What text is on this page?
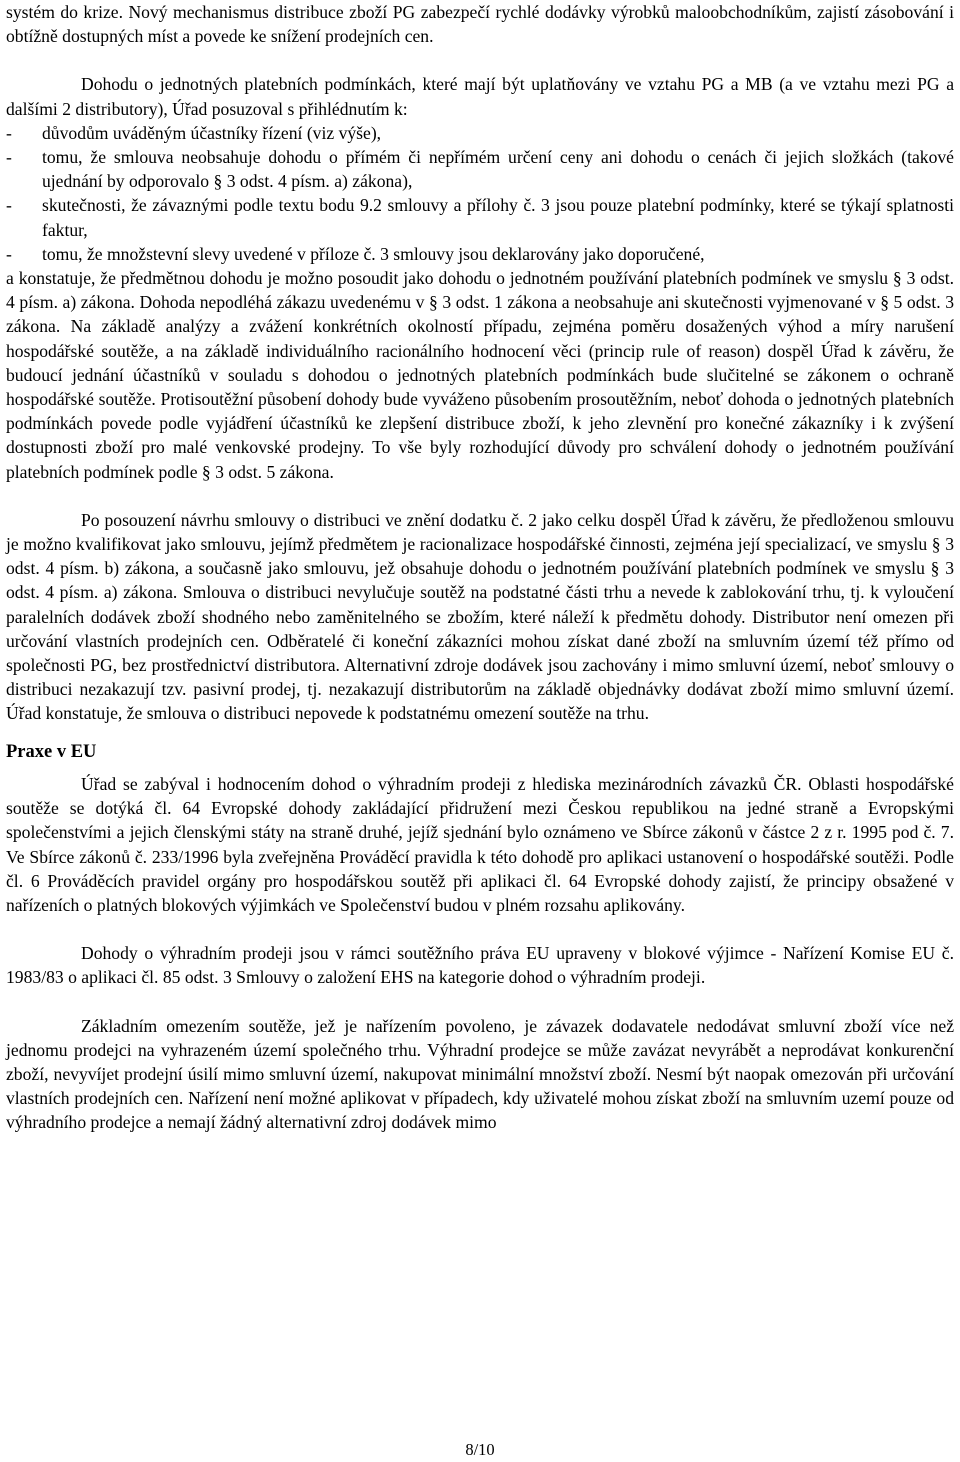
systém do krize. Nový mechanismus distribuce zboží PG zabezpečí rychlé dodávky výrobků maloobchodníkům, zajistí zásobování i obtížně dostupných míst a povede ke snížení prodejních cen.

Dohodu o jednotných platebních podmínkách, které mají být uplatňovány ve vztahu PG a MB (a ve vztahu mezi PG a dalšími 2 distributory), Úřad posuzoval s přihlédnutím k:

- důvodům uváděným účastníky řízení (viz výše),
- tomu, že smlouva neobsahuje dohodu o přímém či nepřímém určení ceny ani dohodu o cenách či jejich složkách (takové ujednání by odporovalo § 3 odst. 4 písm. a) zákona),
- skutečnosti, že závaznými podle textu bodu 9.2 smlouvy a přílohy č. 3 jsou pouze platební podmínky, které se týkají splatnosti faktur,
- tomu, že množstevní slevy uvedené v příloze č. 3 smlouvy jsou deklarovány jako doporučené,

a konstatuje, že předmětnou dohodu je možno posoudit jako dohodu o jednotném používání platebních podmínek ve smyslu § 3 odst. 4 písm. a) zákona. Dohoda nepodléhá zákazu uvedenému v § 3 odst. 1 zákona a neobsahuje ani skutečnosti vyjmenované v § 5 odst. 3 zákona. Na základě analýzy a zvážení konkrétních okolností případu, zejména poměru dosažených výhod a míry narušení hospodářské soutěže, a na základě individuálního racionálního hodnocení věci (princip rule of reason) dospěl Úřad k závěru, že budoucí jednání účastníků v souladu s dohodou o jednotných platebních podmínkách bude slučitelné se zákonem o ochraně hospodářské soutěže. Protisoutěžní působení dohody bude vyváženo působením prosoutěžním, neboť dohoda o jednotných platebních podmínkách povede podle vyjádření účastníků ke zlepšení distribuce zboží, k jeho zlevnění pro konečné zákazníky i k zvýšení dostupnosti zboží pro malé venkovské prodejny. To vše byly rozhodující důvody pro schválení dohody o jednotném používání platebních podmínek podle § 3 odst. 5 zákona.

Po posouzení návrhu smlouvy o distribuci ve znění dodatku č. 2 jako celku dospěl Úřad k závěru, že předloženou smlouvu je možno kvalifikovat jako smlouvu, jejímž předmětem je racionalizace hospodářské činnosti, zejména její specializací, ve smyslu § 3 odst. 4 písm. b) zákona, a současně jako smlouvu, jež obsahuje dohodu o jednotném používání platebních podmínek ve smyslu § 3 odst. 4 písm. a) zákona. Smlouva o distribuci nevylučuje soutěž na podstatné části trhu a nevede k zablokování trhu, tj. k vyloučení paralelních dodávek zboží shodného nebo zaměnitelného se zbožím, které náleží k předmětu dohody. Distributor není omezen při určování vlastních prodejních cen. Odběratelé či koneční zákazníci mohou získat dané zboží na smluvním území též přímo od společnosti PG, bez prostřednictví distributora. Alternativní zdroje dodávek jsou zachovány i mimo smluvní území, neboť smlouvy o distribuci nezakazují tzv. pasivní prodej, tj. nezakazují distributorům na základě objednávky dodávat zboží mimo smluvní území. Úřad konstatuje, že smlouva o distribuci nepovede k podstatnému omezení soutěže na trhu.

Praxe v EU

Úřad se zabýval i hodnocením dohod o výhradním prodeji z hlediska mezinárodních závazků ČR. Oblasti hospodářské soutěže se dotýká čl. 64 Evropské dohody zakládající přidružení mezi Českou republikou na jedné straně a Evropskými společenstvími a jejich členskými státy na straně druhé, jejíž sjednání bylo oznámeno ve Sbírce zákonů v částce 2 z r. 1995 pod č. 7. Ve Sbírce zákonů č. 233/1996 byla zveřejněna Prováděcí pravidla k této dohodě pro aplikaci ustanovení o hospodářské soutěži. Podle čl. 6 Prováděcích pravidel orgány pro hospodářskou soutěž při aplikaci čl. 64 Evropské dohody zajistí, že principy obsažené v nařízeních o platných blokových výjimkách ve Společenství budou v plném rozsahu aplikovány.

Dohody o výhradním prodeji jsou v rámci soutěžního práva EU upraveny v blokové výjimce - Nařízení Komise EU č. 1983/83 o aplikaci čl. 85 odst. 3 Smlouvy o založení EHS na kategorie dohod o výhradním prodeji.

Základním omezením soutěže, jež je nařízením povoleno, je závazek dodavatele nedodávat smluvní zboží více než jednomu prodejci na vyhrazeném území společného trhu. Výhradní prodejce se může zavázat nevyrábět a neprodávat konkurenční zboží, nevyvíjet prodejní úsilí mimo smluvní území, nakupovat minimální množství zboží. Nesmí být naopak omezován při určování vlastních prodejních cen. Nařízení není možné aplikovat v případech, kdy uživatelé mohou získat zboží na smluvním uzemí pouze od výhradního prodejce a nemají žádný alternativní zdroj dodávek mimo

8/10
